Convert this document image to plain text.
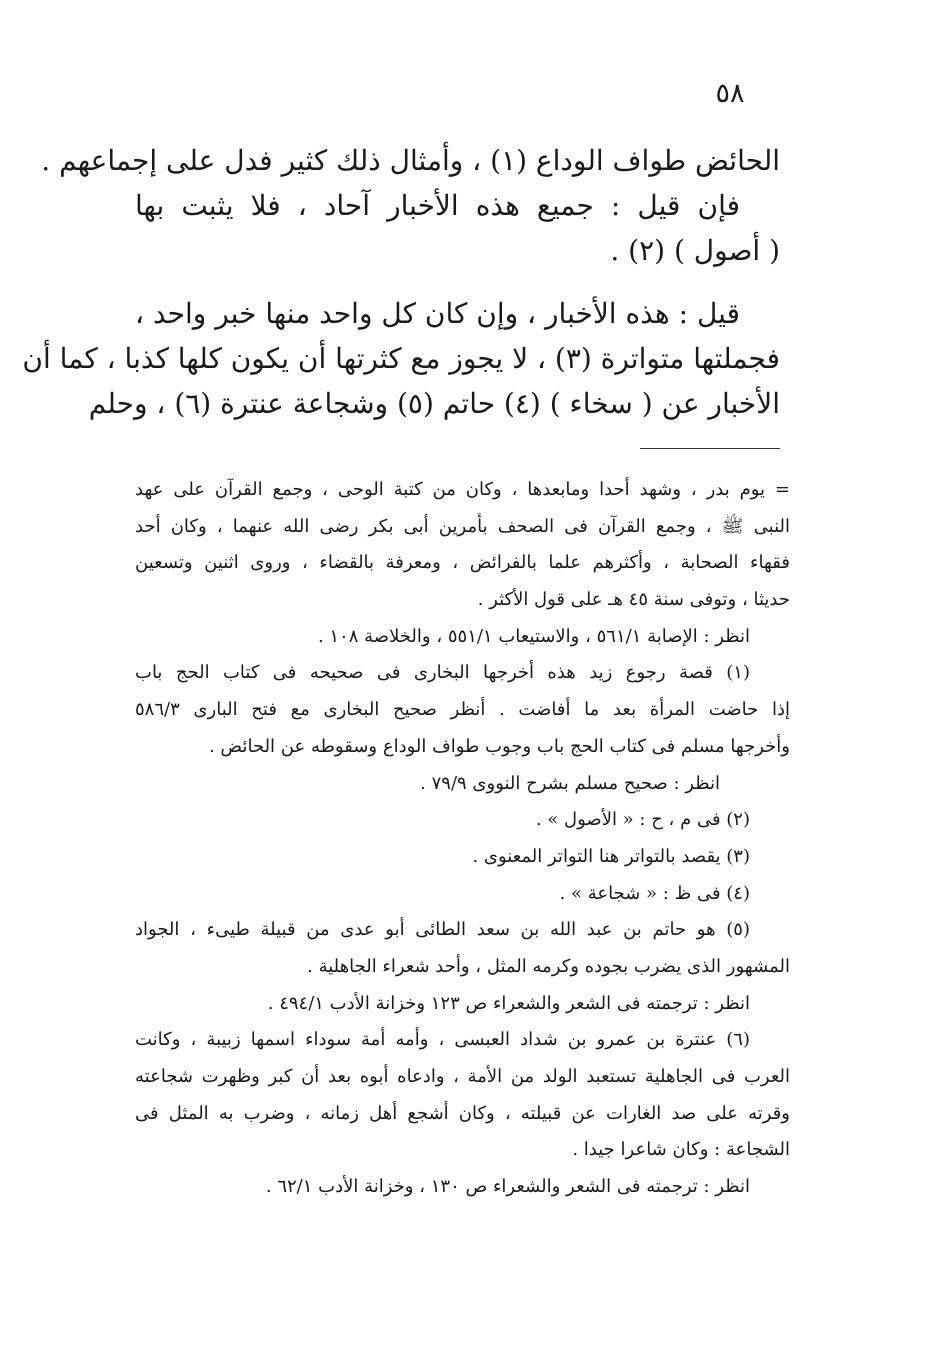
٥٨
الحائض طواف الوداع (١) ، وأمثال ذلك كثير فدل على إجماعهم .
فإن قيل : جميع هذه الأخبار آحاد ، فلا يثبت بها
( أصول ) (٢) .
قيل : هذه الأخبار ، وإن كان كل واحد منها خبر واحد ،
فجملتها متواترة (٣) ، لا يجوز مع كثرتها أن يكون كلها كذبا ، كما أن
الأخبار عن ( سخاء ) (٤) حاتم (٥) وشجاعة عنترة (٦) ، وحلم
= يوم بدر ، وشهد أحدا ومابعدها ، وكان من كتبة الوحى ، وجمع القرآن على عهد
النبى ﷺ ، وجمع القرآن فى الصحف بأمرين أبى بكر رضى الله عنهما ، وكان أحد
فقهاء الصحابة ، وأكثرهم علما بالفرائض ، ومعرفة بالقضاء ، وروى اثنين وتسعين
حديثا ، وتوفى سنة ٤٥ هـ على قول الأكثر .
انظر : الإصابة ٥٦١/١ ، والاستيعاب ٥٥١/١ ، والخلاصة ١٠٨ .
(١) قصة رجوع زيد هذه أخرجها البخارى فى صحيحه فى كتاب الحج باب
إذا حاضت المرأة بعد ما أفاضت . أنظر صحيح البخارى مع فتح البارى ٥٨٦/٣
وأخرجها مسلم فى كتاب الحج باب وجوب طواف الوداع وسقوطه عن الحائض .
انظر : صحيح مسلم بشرح النووى ٧٩/٩ .
(٢) فى م ، ح : « الأصول » .
(٣) يقصد بالتواتر هنا التواتر المعنوى .
(٤) فى ظ : « شجاعة » .
(٥) هو حاتم بن عبد الله بن سعد الطائى أبو عدى من قبيلة طيىء ، الجواد
المشهور الذى يضرب بجوده وكرمه المثل ، وأحد شعراء الجاهلية .
انظر : ترجمته فى الشعر والشعراء ص ١٢٣ وخزانة الأدب ٤٩٤/١ .
(٦) عنترة بن عمرو بن شداد العبسى ، وأمه أمة سوداء اسمها زبيبة ، وكانت
العرب فى الجاهلية تستعبد الولد من الأمة ، وادعاه أبوه بعد أن كبر وظهرت شجاعته
وقرته على صد الغارات عن قبيلته ، وكان أشجع أهل زمانه ، وضرب به المثل فى
الشجاعة : وكان شاعرا جيدا .
انظر : ترجمته فى الشعر والشعراء ص ١٣٠ ، وخزانة الأدب ٦٢/١ .
